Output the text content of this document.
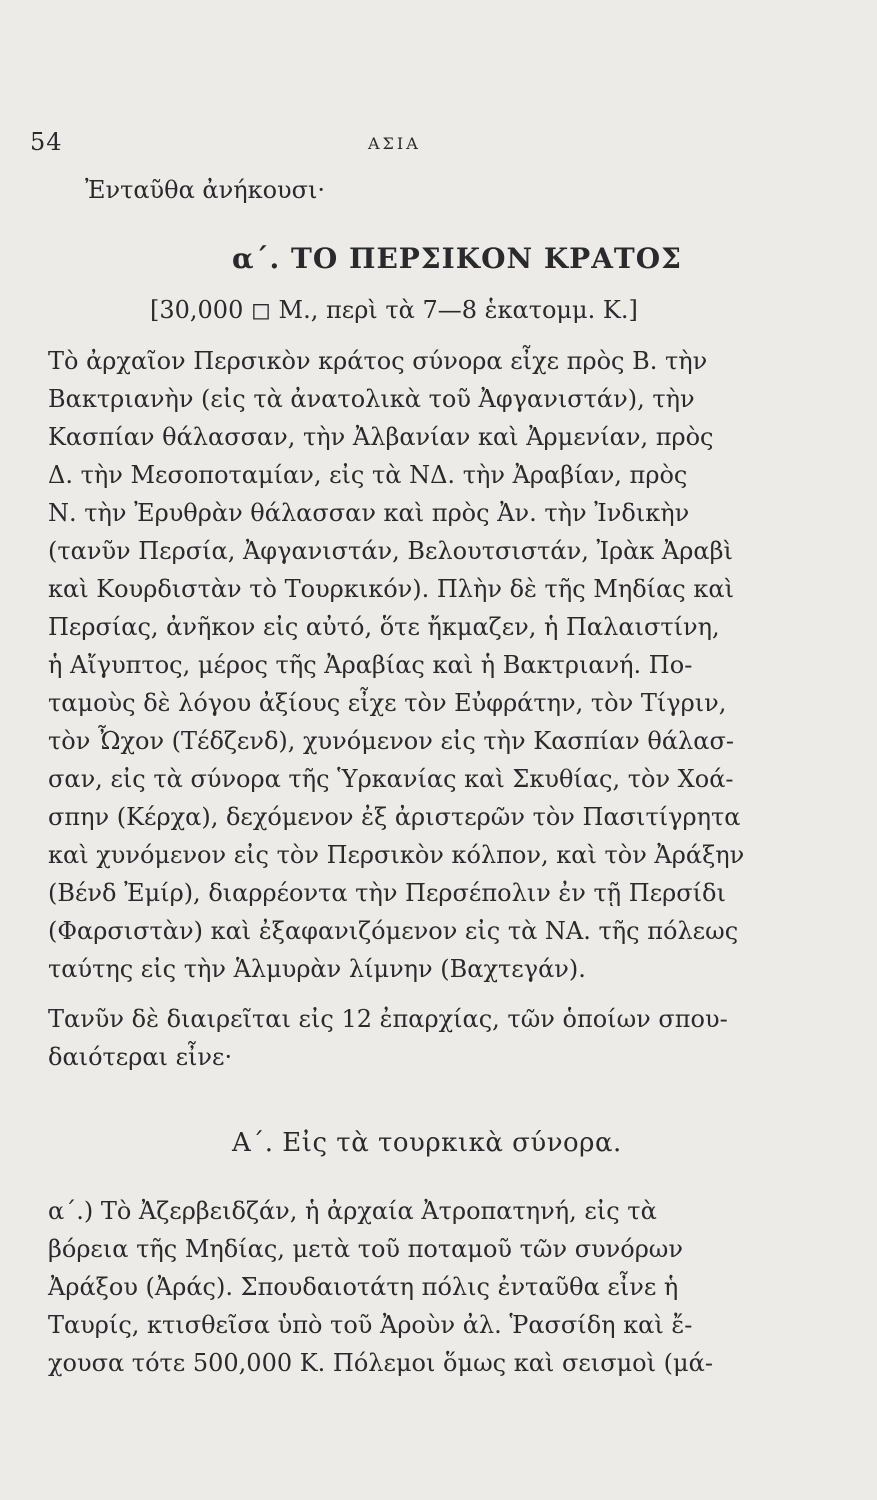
54	ΑΣΙΑ
Ἐνταῦθα ἀνήκουσι·
α΄. ΤΟ ΠΕΡΣΙΚΟΝ ΚΡΑΤΟΣ
[30,000 ◻ Μ., περὶ τὰ 7—8 ἑκατομμ. Κ.]
Τὸ ἀρχαῖον Περσικὸν κράτος σύνορα εἶχε πρὸς Β. τὴν
Βακτριανὴν (εἰς τὰ ἀνατολικὰ τοῦ Ἀφγανιστάν), τὴν
Κασπίαν θάλασσαν, τὴν Ἀλβανίαν καὶ Ἀρμενίαν, πρὸς
Δ. τὴν Μεσοποταμίαν, εἰς τὰ ΝΔ. τὴν Ἀραβίαν, πρὸς
Ν. τὴν Ἐρυθρὰν θάλασσαν καὶ πρὸς Ἀν. τὴν Ἰνδικὴν
(τανῦν Περσία, Ἀφγανιστάν, Βελουτσιστάν, Ἰρὰκ Ἀραβὶ
καὶ Κουρδιστὰν τὸ Τουρκικόν). Πλὴν δὲ τῆς Μηδίας καὶ
Περσίας, ἀνῆκον εἰς αὐτό, ὅτε ἤκμαζεν, ἡ Παλαιστίνη,
ἡ Αἴγυπτος, μέρος τῆς Ἀραβίας καὶ ἡ Βακτριανή. Πο-
ταμοὺς δὲ λόγου ἀξίους εἶχε τὸν Εὐφράτην, τὸν Τίγριν,
τὸν Ὦχον (Τέδζενδ), χυνόμενον εἰς τὴν Κασπίαν θάλασ-
σαν, εἰς τὰ σύνορα τῆς Ὑρκανίας καὶ Σκυθίας, τὸν Χοά-
σπην (Κέρχα), δεχόμενον ἐξ ἀριστερῶν τὸν Πασιτίγρητα
καὶ χυνόμενον εἰς τὸν Περσικὸν κόλπον, καὶ τὸν Ἀράξην
(Βένδ Ἐμίρ), διαρρέοντα τὴν Περσέπολιν ἐν τῇ Περσίδι
(Φαρσιστὰν) καὶ ἐξαφανιζόμενον εἰς τὰ ΝΑ. τῆς πόλεως
ταύτης εἰς τὴν Ἁλμυρὰν λίμνην (Βαχτεγάν).
Τανῦν δὲ διαιρεῖται εἰς 12 ἐπαρχίας, τῶν ὁποίων σπου-
δαιότεραι εἶνε·
Α΄. Εἰς τὰ τουρκικὰ σύνορα.
α΄.) Τὸ Ἀζερβειδζάν, ἡ ἀρχαία Ἀτροπατηνή, εἰς τὰ
βόρεια τῆς Μηδίας, μετὰ τοῦ ποταμοῦ τῶν συνόρων
Ἀράξου (Ἀράς). Σπουδαιοτάτη πόλις ἐνταῦθα εἶνε ἡ
Ταυρίς, κτισθεῖσα ὑπὸ τοῦ Ἀροὺν ἀλ. Ῥασσίδη καὶ ἔ-
χουσα τότε 500,000 Κ. Πόλεμοι ὅμως καὶ σεισμοὶ (μά-
